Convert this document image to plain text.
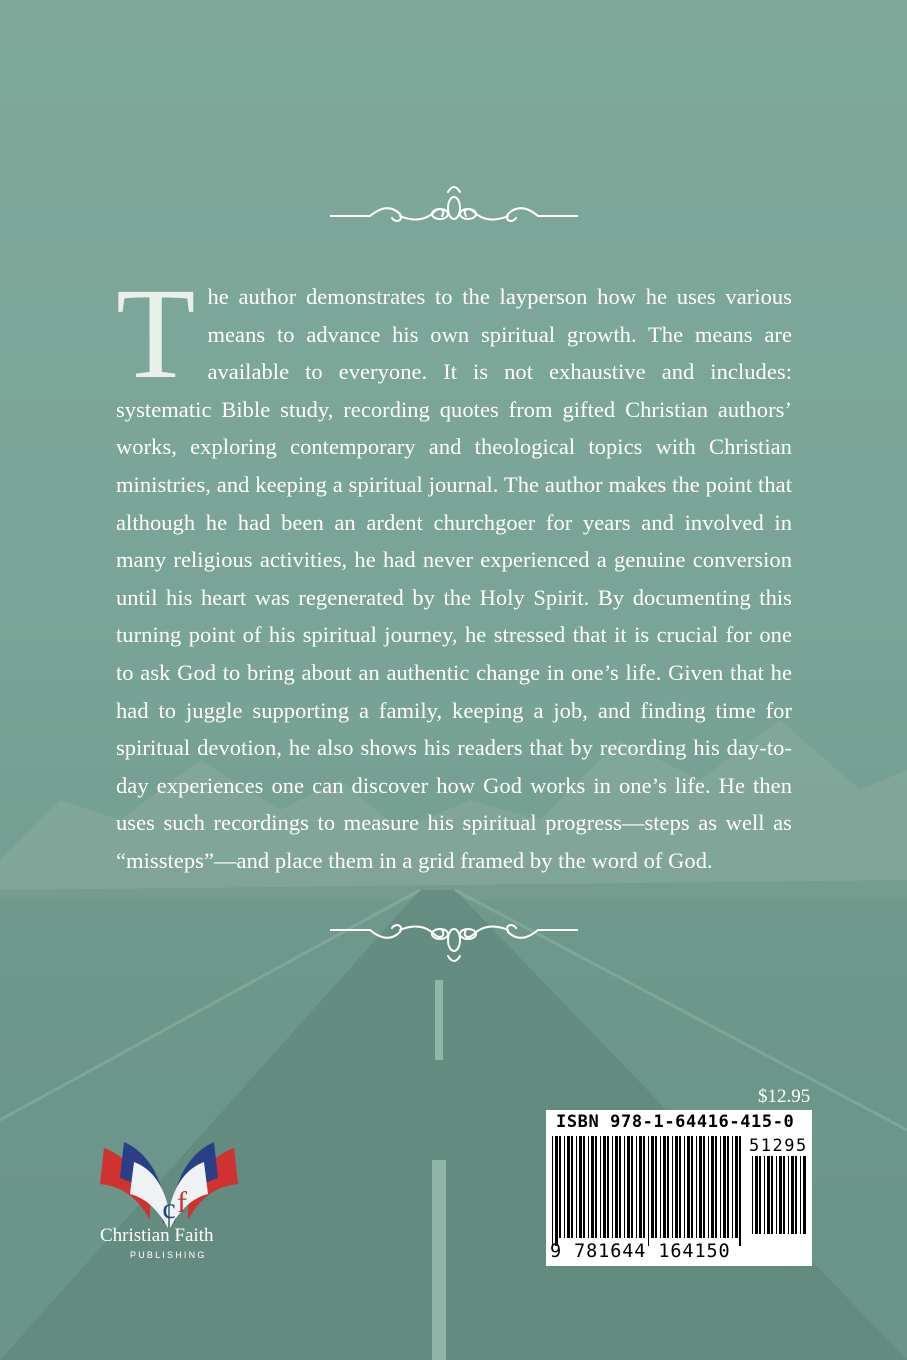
T he author demonstrates to the layperson how he uses various means to advance his own spiritual growth. The means are available to everyone. It is not exhaustive and includes: systematic Bible study, recording quotes from gifted Christian authors’ works, exploring contemporary and theological topics with Christian ministries, and keeping a spiritual journal. The author makes the point that although he had been an ardent churchgoer for years and involved in many religious activities, he had never experienced a genuine conversion until his heart was regenerated by the Holy Spirit. By documenting this turning point of his spiritual journey, he stressed that it is crucial for one to ask God to bring about an authentic change in one’s life. Given that he had to juggle supporting a family, keeping a job, and finding time for spiritual devotion, he also shows his readers that by recording his day-to-day experiences one can discover how God works in one’s life. He then uses such recordings to measure his spiritual progress—steps as well as “missteps”—and place them in a grid framed by the word of God.
$12.95
ISBN 978-1-64416-415-0
51295
9 781644 164150
c f
Christian Faith
PUBLISHING
